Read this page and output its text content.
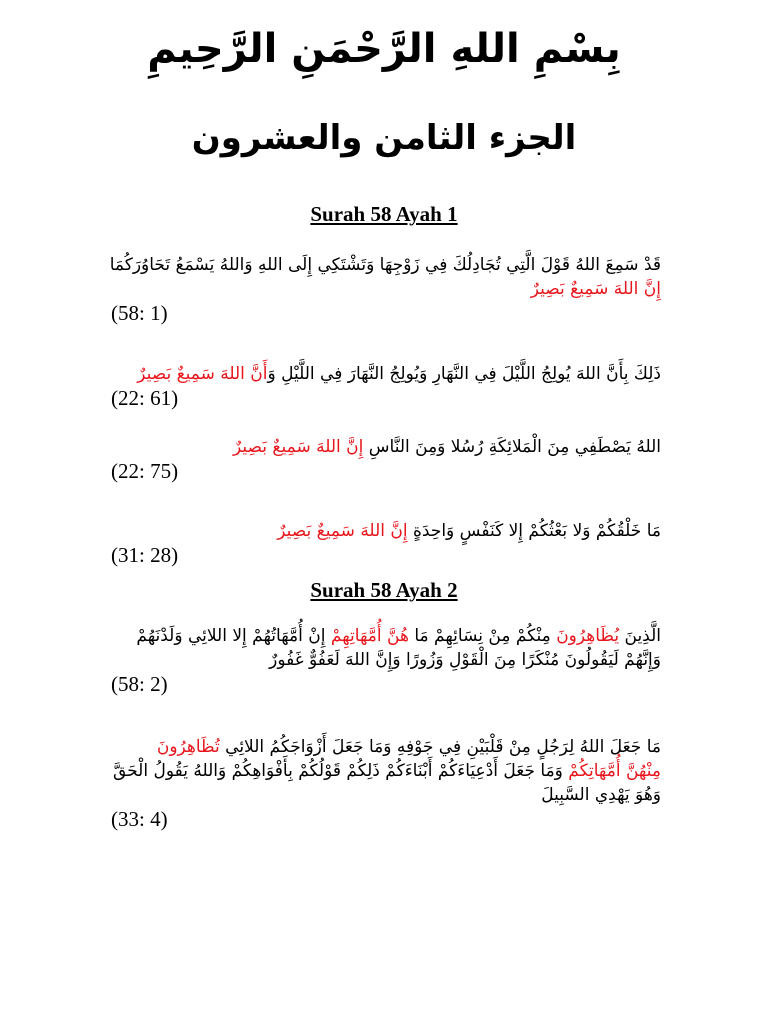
بِسْمِ اللهِ الرَّحْمَنِ الرَّحِيمِ
الجزء الثامن والعشرون
Surah 58 Ayah 1
قَدْ سَمِعَ اللهُ قَوْلَ الَّتِي تُجَادِلُكَ فِي زَوْجِهَا وَتَشْتَكِي إِلَى اللهِ وَاللهُ يَسْمَعُ تَحَاوُرَكُمَا
إِنَّ اللهَ سَمِيعٌ بَصِيرٌ
(58: 1)
ذَلِكَ بِأَنَّ اللهَ يُولِجُ اللَّيْلَ فِي النَّهَارِ وَيُولِجُ النَّهَارَ فِي اللَّيْلِ وَأَنَّ اللهَ سَمِيعٌ بَصِيرٌ
(22: 61)
اللهُ يَصْطَفِي مِنَ الْمَلائِكَةِ رُسُلا وَمِنَ النَّاسِ إِنَّ اللهَ سَمِيعٌ بَصِيرٌ
(22: 75)
مَا خَلْقُكُمْ وَلا بَعْثُكُمْ إِلا كَنَفْسٍ وَاحِدَةٍ إِنَّ اللهَ سَمِيعٌ بَصِيرٌ
(31: 28)
Surah 58 Ayah 2
الَّذِينَ يُظَاهِرُونَ مِنْكُمْ مِنْ نِسَائِهِمْ مَا هُنَّ أُمَّهَاتِهِمْ إِنْ أُمَّهَاتُهُمْ إِلا اللائِي وَلَدْنَهُمْ
وَإِنَّهُمْ لَيَقُولُونَ مُنْكَرًا مِنَ الْقَوْلِ وَزُورًا وَإِنَّ اللهَ لَعَفُوٌّ غَفُورٌ
(58: 2)
مَا جَعَلَ اللهُ لِرَجُلٍ مِنْ قَلْبَيْنِ فِي جَوْفِهِ وَمَا جَعَلَ أَزْوَاجَكُمُ اللائِي تُظَاهِرُونَ
مِنْهُنَّ أُمَّهَاتِكُمْ وَمَا جَعَلَ أَدْعِيَاءَكُمْ أَبْنَاءَكُمْ ذَلِكُمْ قَوْلُكُمْ بِأَفْوَاهِكُمْ وَاللهُ يَقُولُ الْحَقَّ
وَهُوَ يَهْدِي السَّبِيلَ
(33: 4)
